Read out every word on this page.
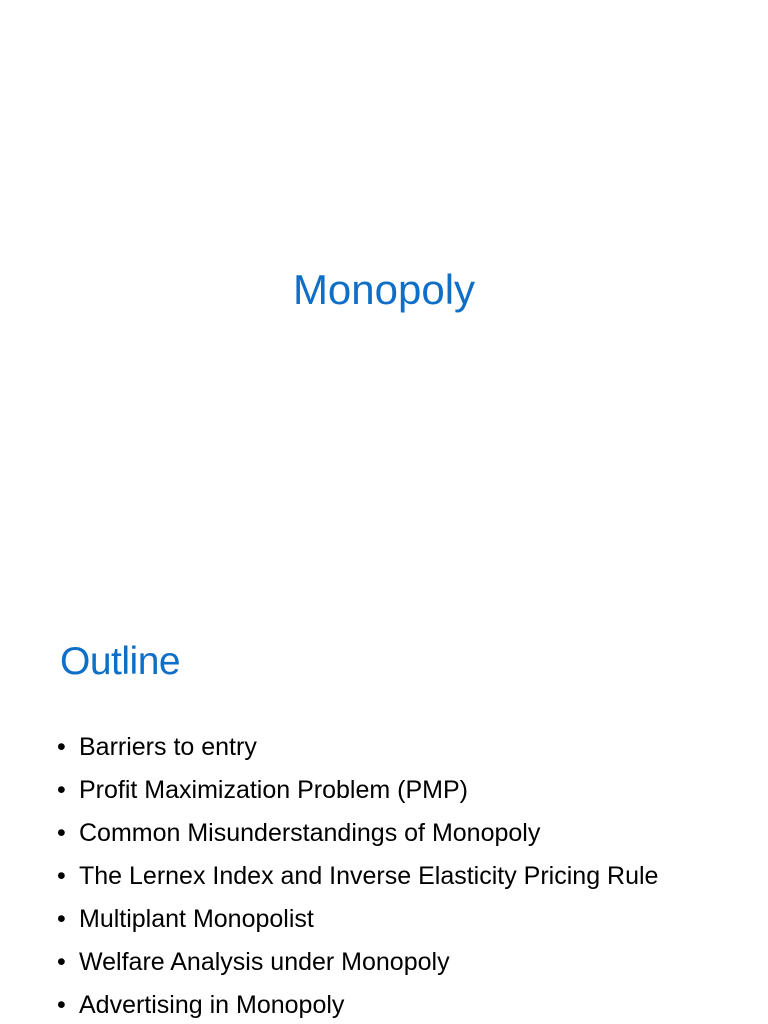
Monopoly
Outline
• Barriers to entry
• Profit Maximization Problem (PMP)
• Common Misunderstandings of Monopoly
• The Lernex Index and Inverse Elasticity Pricing Rule
• Multiplant Monopolist
• Welfare Analysis under Monopoly
• Advertising in Monopoly
